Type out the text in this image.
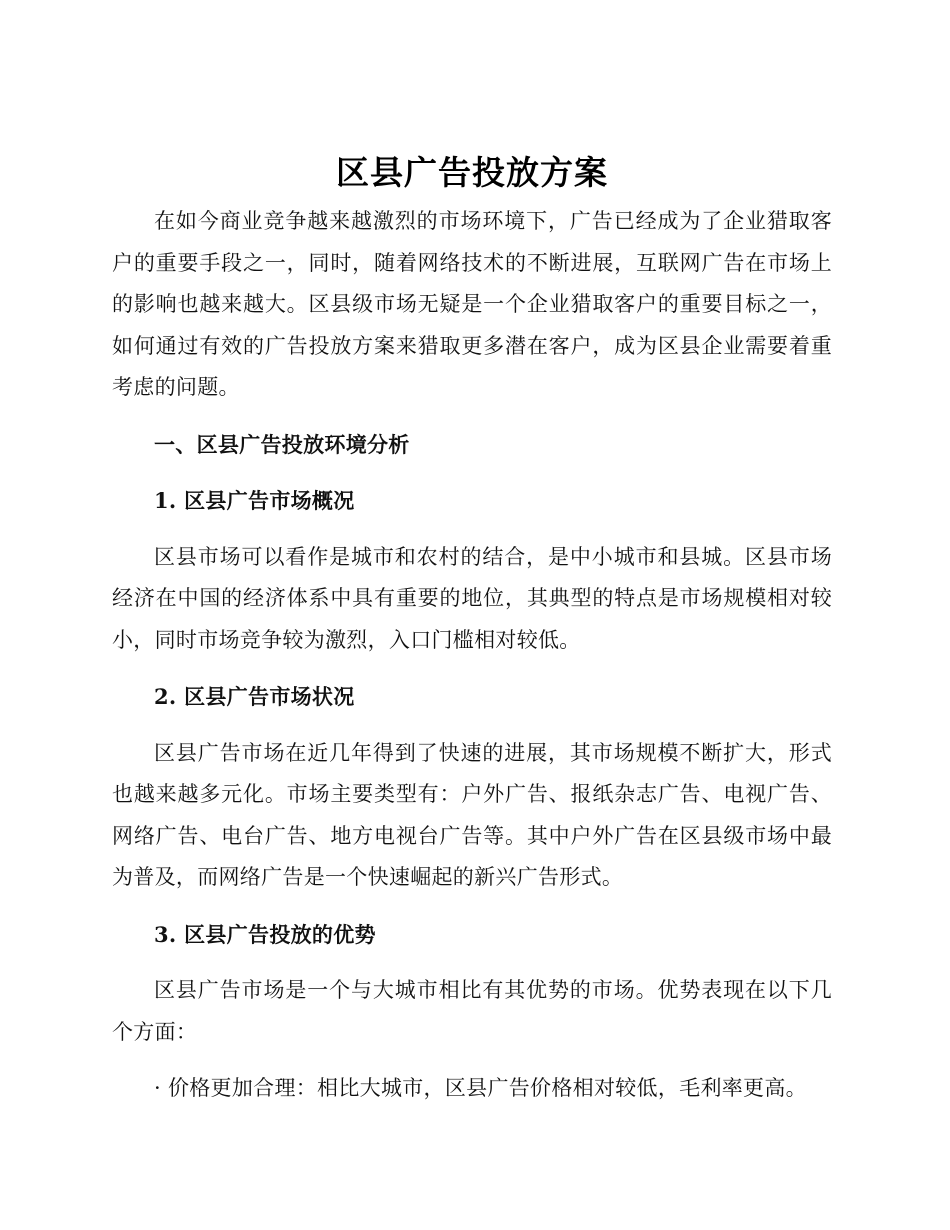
区县广告投放方案

在如今商业竞争越来越激烈的市场环境下，广告已经成为了企业猎取客户的重要手段之一，同时，随着网络技术的不断进展，互联网广告在市场上的影响也越来越大。区县级市场无疑是一个企业猎取客户的重要目标之一，如何通过有效的广告投放方案来猎取更多潜在客户，成为区县企业需要着重考虑的问题。

一、区县广告投放环境分析

1. 区县广告市场概况

区县市场可以看作是城市和农村的结合，是中小城市和县城。区县市场经济在中国的经济体系中具有重要的地位，其典型的特点是市场规模相对较小，同时市场竞争较为激烈，入口门槛相对较低。

2. 区县广告市场状况

区县广告市场在近几年得到了快速的进展，其市场规模不断扩大，形式也越来越多元化。市场主要类型有：户外广告、报纸杂志广告、电视广告、网络广告、电台广告、地方电视台广告等。其中户外广告在区县级市场中最为普及，而网络广告是一个快速崛起的新兴广告形式。

3. 区县广告投放的优势

区县广告市场是一个与大城市相比有其优势的市场。优势表现在以下几个方面：

· 价格更加合理：相比大城市，区县广告价格相对较低，毛利率更高。
